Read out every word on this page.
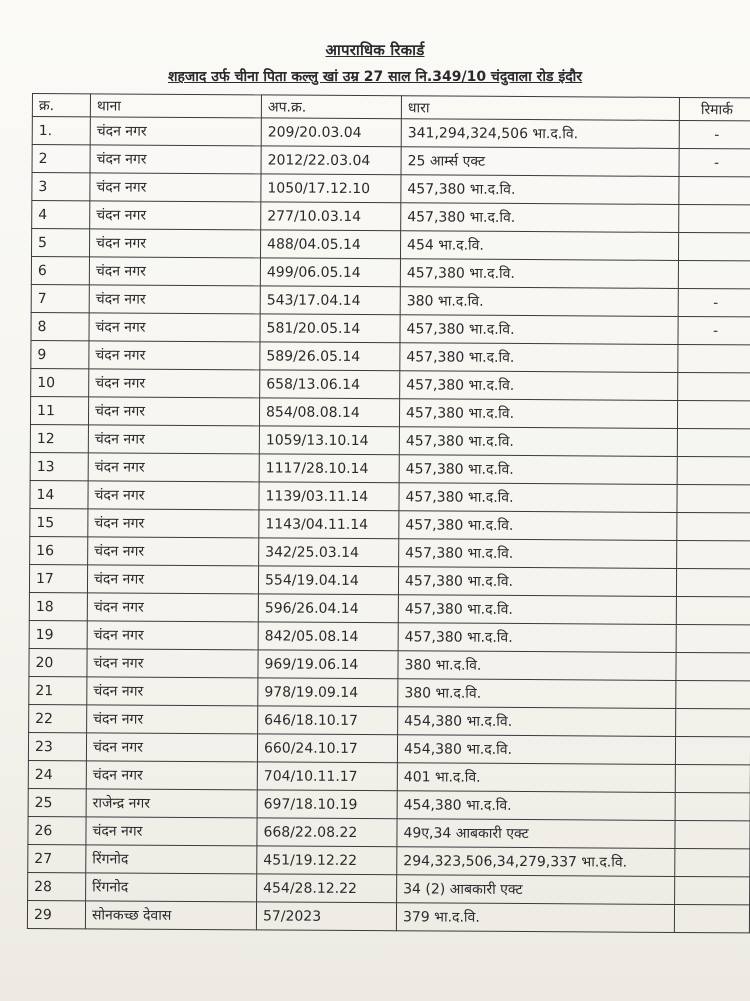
आपराधिक रिकार्ड
शहजाद उर्फ चीना पिता कल्लु खां उम्र 27 साल नि.349/10 चंदुवाला रोड इंदौर
क्र.	थाना	अप.क्र.	धारा	रिमार्क
1.	चंदन नगर	209/20.03.04	341,294,324,506 भा.द.वि.	-
2	चंदन नगर	2012/22.03.04	25 आर्म्स एक्ट	-
3	चंदन नगर	1050/17.12.10	457,380 भा.द.वि.	
4	चंदन नगर	277/10.03.14	457,380 भा.द.वि.	
5	चंदन नगर	488/04.05.14	454 भा.द.वि.	
6	चंदन नगर	499/06.05.14	457,380 भा.द.वि.	
7	चंदन नगर	543/17.04.14	380 भा.द.वि.	-
8	चंदन नगर	581/20.05.14	457,380 भा.द.वि.	-
9	चंदन नगर	589/26.05.14	457,380 भा.द.वि.	
10	चंदन नगर	658/13.06.14	457,380 भा.द.वि.	
11	चंदन नगर	854/08.08.14	457,380 भा.द.वि.	
12	चंदन नगर	1059/13.10.14	457,380 भा.द.वि.	
13	चंदन नगर	1117/28.10.14	457,380 भा.द.वि.	
14	चंदन नगर	1139/03.11.14	457,380 भा.द.वि.	
15	चंदन नगर	1143/04.11.14	457,380 भा.द.वि.	
16	चंदन नगर	342/25.03.14	457,380 भा.द.वि.	
17	चंदन नगर	554/19.04.14	457,380 भा.द.वि.	
18	चंदन नगर	596/26.04.14	457,380 भा.द.वि.	
19	चंदन नगर	842/05.08.14	457,380 भा.द.वि.	
20	चंदन नगर	969/19.06.14	380 भा.द.वि.	
21	चंदन नगर	978/19.09.14	380 भा.द.वि.	
22	चंदन नगर	646/18.10.17	454,380 भा.द.वि.	
23	चंदन नगर	660/24.10.17	454,380 भा.द.वि.	
24	चंदन नगर	704/10.11.17	401 भा.द.वि.	
25	राजेन्द्र नगर	697/18.10.19	454,380 भा.द.वि.	
26	चंदन नगर	668/22.08.22	49ए,34 आबकारी एक्ट	
27	रिंगनोद	451/19.12.22	294,323,506,34,279,337 भा.द.वि.	
28	रिंगनोद	454/28.12.22	34 (2) आबकारी एक्ट	
29	सोनकच्छ देवास	57/2023	379 भा.द.वि.	
